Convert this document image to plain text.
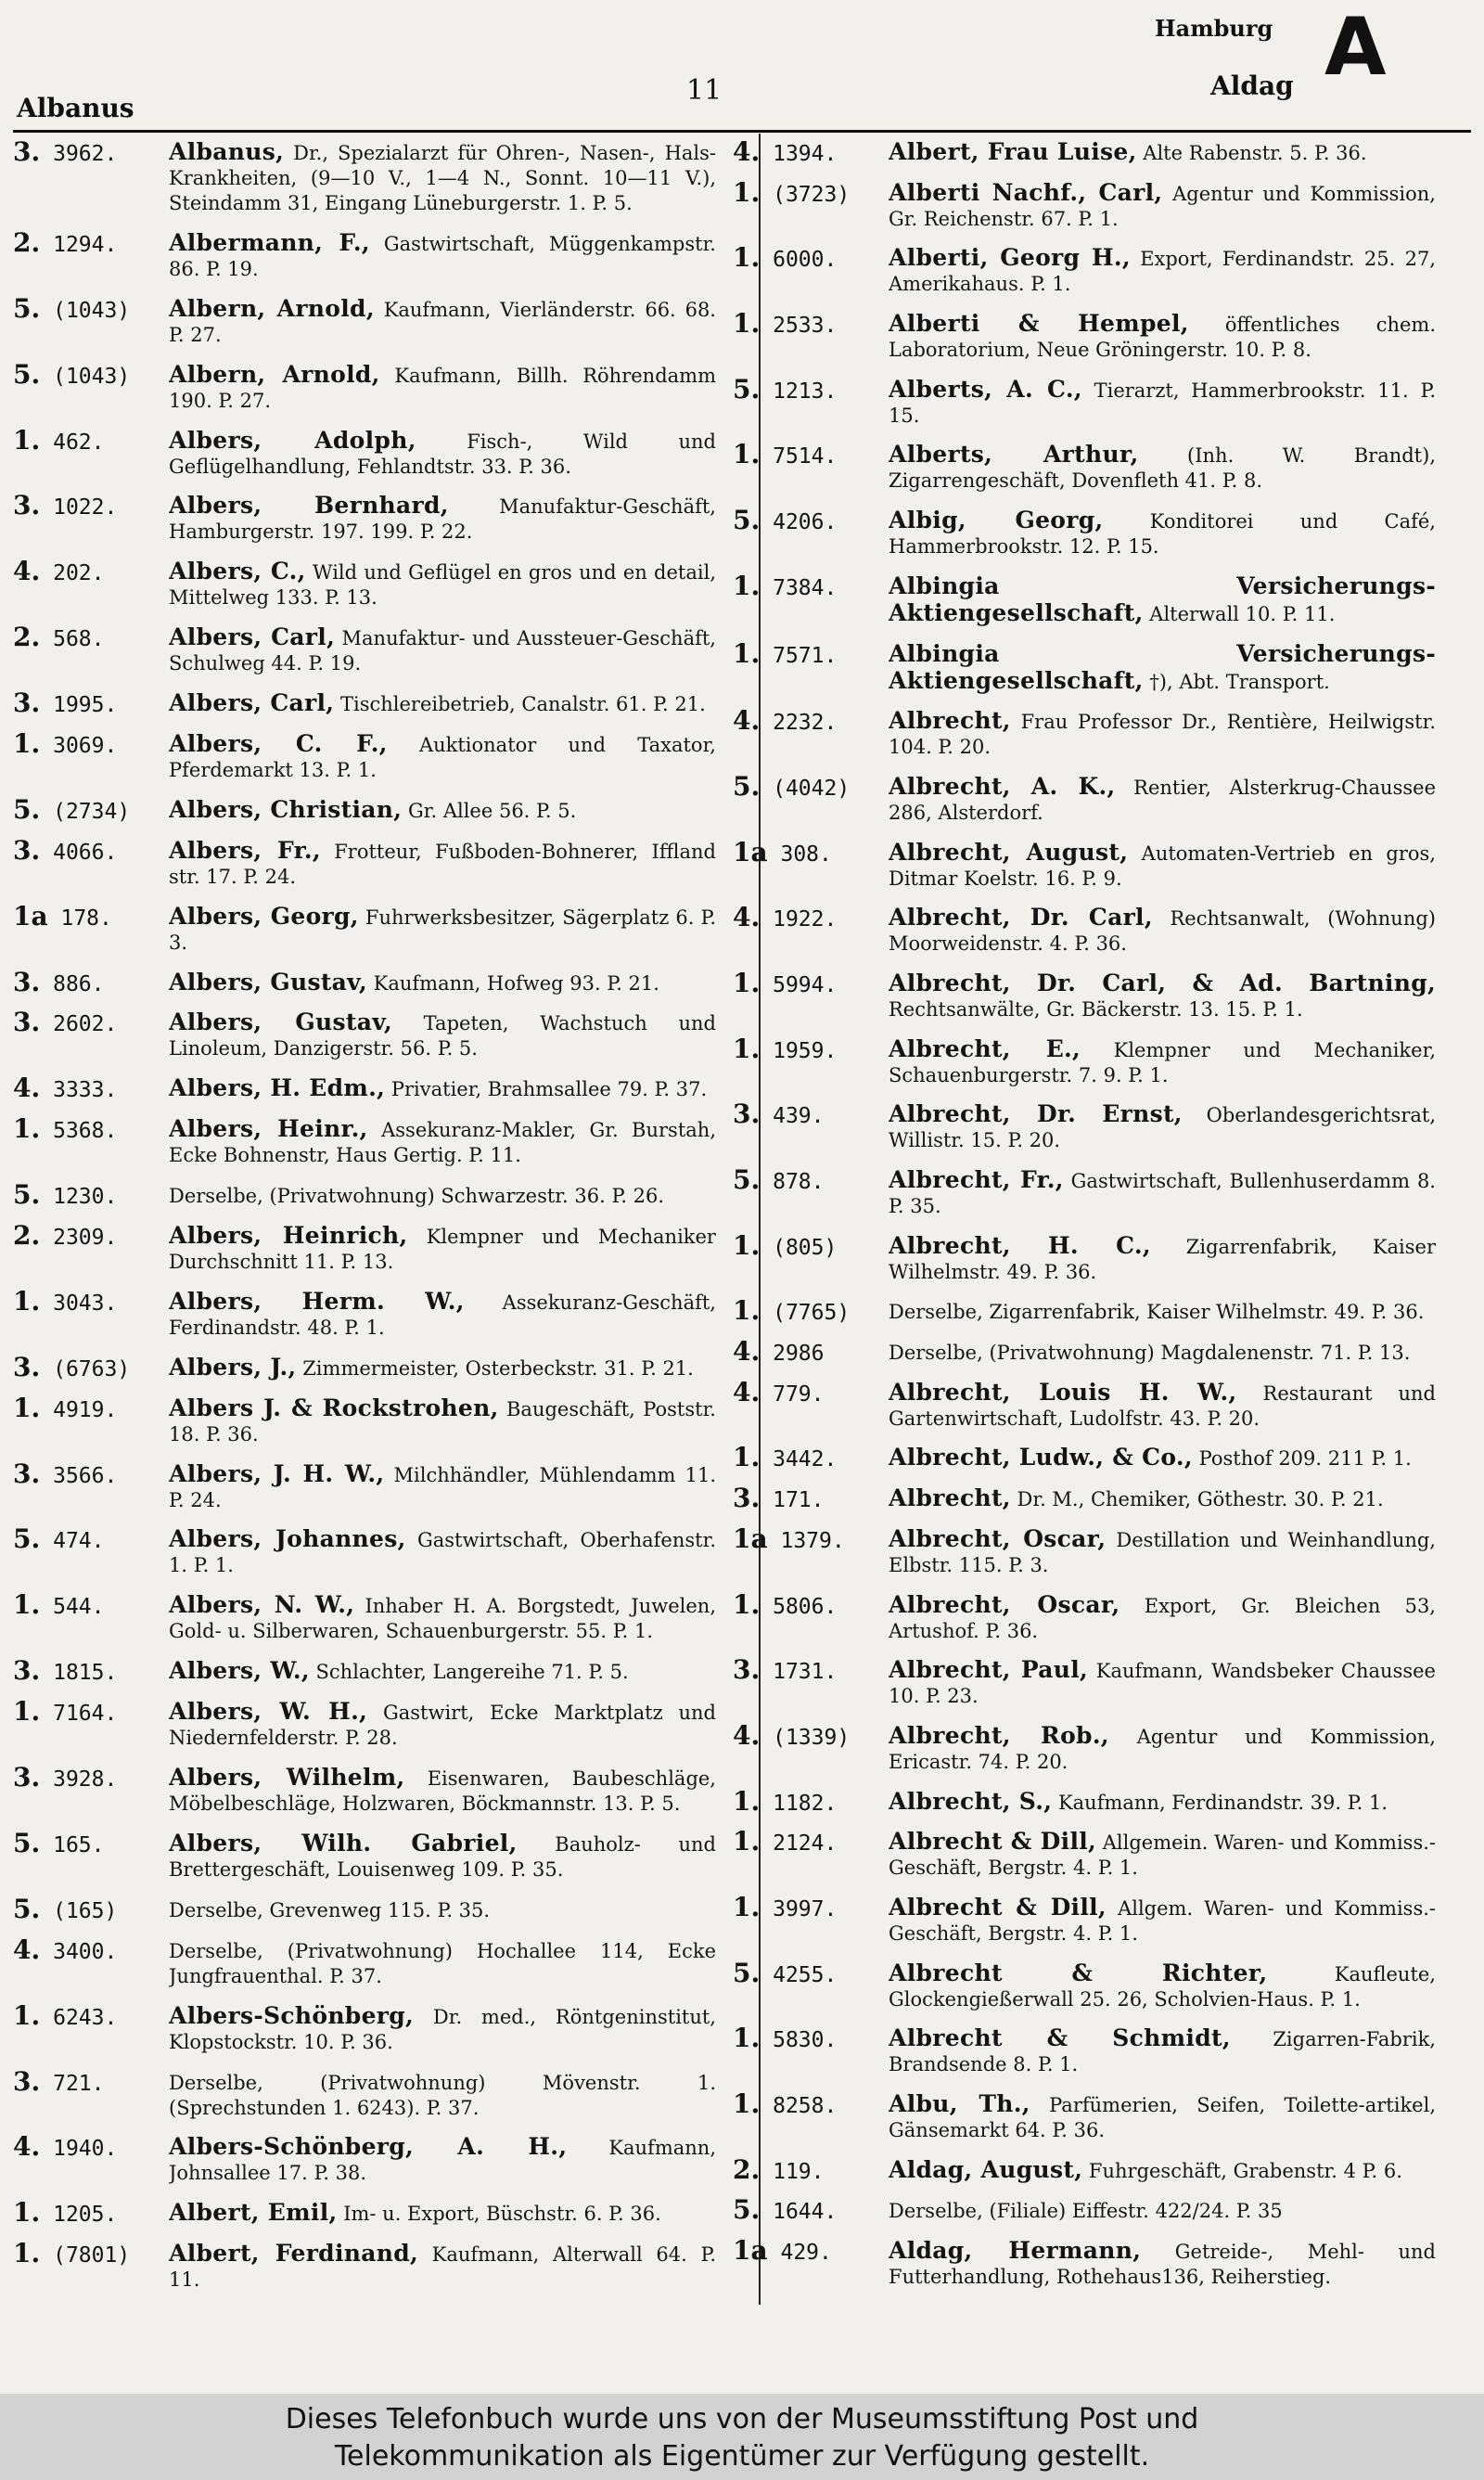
Albanus
11
Hamburg
Aldag A
3. 3962.	Albanus, Dr., Spezialarzt für Ohren-, Nasen-, Hals-Krankheiten, (9—10 V., 1—4 N., Sonnt. 10—11 V.), Steindamm 31, Eingang Lüneburgerstr. 1. P. 5.
2. 1294.	Albermann, F., Gastwirtschaft, Müggenkampstr. 86. P. 19.
5. (1043)	Albern, Arnold, Kaufmann, Vierländerstr. 66. 68. P. 27.
5. (1043)	Albern, Arnold, Kaufmann, Billh. Röhrendamm 190. P. 27.
1. 462.	Albers, Adolph,	Fisch-, Wild und Geflügelhandlung, Fehlandtstr. 33. P. 36.
3. 1022.	Albers, Bernhard,	Manufaktur-Geschäft, Hamburgerstr. 197. 199. P. 22.
4. 202.	Albers, C., Wild und Geflügel en gros und en detail, Mittelweg 133. P. 13.
2. 568.	Albers, Carl, Manufaktur- und Aussteuer-Geschäft, Schulweg 44. P. 19.
3. 1995.	Albers, Carl, Tischlereibetrieb, Canalstr. 61. P. 21.
1. 3069.	Albers, C. F., Auktionator und Taxator, Pferdemarkt 13. P. 1.
5. (2734)	Albers, Christian, Gr. Allee 56. P. 5.
3. 4066.	Albers, Fr., Frotteur, Fußboden-Bohnerer, Iffland str. 17. P. 24.
1a 178.	Albers, Georg, Fuhrwerksbesitzer, Sägerplatz 6. P. 3.
3. 886.	Albers, Gustav, Kaufmann, Hofweg 93. P. 21.
3. 2602.	Albers, Gustav, Tapeten, Wachstuch und Linoleum, Danzigerstr. 56. P. 5.
4. 3333.	Albers, H. Edm., Privatier, Brahmsallee 79. P. 37.
1. 5368.	Albers, Heinr., Assekuranz-Makler, Gr. Burstah, Ecke Bohnenstr, Haus Gertig. P. 11.
5. 1230.	Derselbe, (Privatwohnung) Schwarzestr. 36. P. 26.
2. 2309.	Albers, Heinrich, Klempner und Mechaniker Durchschnitt 11. P. 13.
1. 3043.	Albers, Herm. W., Assekuranz-Geschäft, Ferdinandstr. 48. P. 1.
3. (6763)	Albers, J., Zimmermeister, Osterbeckstr. 31. P. 21.
1. 4919.	Albers J. & Rockstrohen, Baugeschäft, Poststr. 18. P. 36.
3. 3566.	Albers, J. H. W., Milchhändler, Mühlendamm 11. P. 24.
5. 474.	Albers, Johannes, Gastwirtschaft, Oberhafenstr. 1. P. 1.
1. 544.	Albers, N. W., Inhaber H. A. Borgstedt, Juwelen, Gold- u. Silberwaren, Schauenburgerstr. 55. P. 1.
3. 1815.	Albers, W., Schlachter, Langereihe 71. P. 5.
1. 7164.	Albers, W. H., Gastwirt, Ecke Marktplatz und Niedernfelderstr. P. 28.
3. 3928.	Albers, Wilhelm, Eisenwaren, Baubeschläge, Möbelbeschläge, Holzwaren, Böckmannstr. 13. P. 5.
5. 165.	Albers, Wilh. Gabriel, Bauholz- und Brettergeschäft, Louisenweg 109. P. 35.
5. (165)	Derselbe, Grevenweg 115. P. 35.
4. 3400.	Derselbe, (Privatwohnung) Hochallee 114, Ecke Jungfrauenthal. P. 37.
1. 6243.	Albers-Schönberg, Dr. med., Röntgeninstitut, Klopstockstr. 10. P. 36.
3. 721.	Derselbe, (Privatwohnung) Mövenstr. 1. (Sprechstunden 1. 6243). P. 37.
4. 1940.	Albers-Schönberg, A. H., Kaufmann, Johnsallee 17. P. 38.
1. 1205.	Albert, Emil, Im- u. Export, Büschstr. 6. P. 36.
1. (7801)	Albert, Ferdinand, Kaufmann, Alterwall 64. P. 11.
4. 1394.	Albert, Frau Luise, Alte Rabenstr. 5. P. 36.
1. (3723)	Alberti Nachf., Carl, Agentur und Kommission, Gr. Reichenstr. 67. P. 1.
1. 6000.	Alberti, Georg H., Export, Ferdinandstr. 25. 27, Amerikahaus. P. 1.
1. 2533.	Alberti & Hempel, öffentliches chem. Laboratorium, Neue Gröningerstr. 10. P. 8.
5. 1213.	Alberts, A. C., Tierarzt, Hammerbrookstr. 11. P. 15.
1. 7514.	Alberts, Arthur, (Inh. W. Brandt), Zigarrengeschäft, Dovenfleth 41. P. 8.
5. 4206.	Albig, Georg, Konditorei und Café, Hammerbrookstr. 12. P. 15.
1. 7384.	Albingia Versicherungs-Aktiengesellschaft, Alterwall 10. P. 11.
1. 7571.	Albingia Versicherungs-Aktiengesellschaft, †), Abt. Transport.
4. 2232.	Albrecht, Frau Professor Dr., Rentière, Heilwigstr. 104. P. 20.
5. (4042)	Albrecht, A. K., Rentier, Alsterkrug-Chaussee 286, Alsterdorf.
1a 308.	Albrecht, August, Automaten-Vertrieb en gros, Ditmar Koelstr. 16. P. 9.
4. 1922.	Albrecht, Dr. Carl, Rechtsanwalt, (Wohnung) Moorweidenstr. 4. P. 36.
1. 5994.	Albrecht, Dr. Carl, & Ad. Bartning, Rechtsanwälte, Gr. Bäckerstr. 13. 15. P. 1.
1. 1959.	Albrecht, E., Klempner und Mechaniker, Schauenburgerstr. 7. 9. P. 1.
3. 439.	Albrecht, Dr. Ernst, Oberlandesgerichtsrat, Willistr. 15. P. 20.
5. 878.	Albrecht, Fr., Gastwirtschaft, Bullenhuserdamm 8. P. 35.
1. (805)	Albrecht, H. C., Zigarrenfabrik, Kaiser Wilhelmstr. 49. P. 36.
1. (7765)	Derselbe, Zigarrenfabrik, Kaiser Wilhelmstr. 49. P. 36.
4. 2986	Derselbe, (Privatwohnung) Magdalenenstr. 71. P. 13.
4. 779.	Albrecht, Louis H. W., Restaurant und Gartenwirtschaft, Ludolfstr. 43. P. 20.
1. 3442.	Albrecht, Ludw., & Co., Posthof 209. 211 P. 1.
3. 171.	Albrecht, Dr. M., Chemiker, Göthestr. 30. P. 21.
1a 1379.	Albrecht, Oscar, Destillation und Weinhandlung, Elbstr. 115. P. 3.
1. 5806.	Albrecht, Oscar, Export, Gr. Bleichen 53, Artushof. P. 36.
3. 1731.	Albrecht, Paul, Kaufmann, Wandsbeker Chaussee 10. P. 23.
4. (1339)	Albrecht, Rob., Agentur und Kommission, Ericastr. 74. P. 20.
1. 1182.	Albrecht, S., Kaufmann, Ferdinandstr. 39. P. 1.
1. 2124.	Albrecht & Dill, Allgemein. Waren- und Kommiss.-Geschäft, Bergstr. 4. P. 1.
1. 3997.	Albrecht & Dill, Allgem. Waren- und Kommiss.-Geschäft, Bergstr. 4. P. 1.
5. 4255.	Albrecht & Richter,	Kaufleute, Glockengießerwall 25. 26, Scholvien-Haus. P. 1.
1. 5830.	Albrecht & Schmidt, Zigarren-Fabrik, Brandsende 8. P. 1.
1. 8258.	Albu, Th., Parfümerien, Seifen, Toilette-artikel, Gänsemarkt 64. P. 36.
2. 119.	Aldag, August, Fuhrgeschäft, Grabenstr. 4 P. 6.
5. 1644.	Derselbe, (Filiale) Eiffestr. 422/24. P. 35
1a 429.	Aldag, Hermann, Getreide-, Mehl- und Futterhandlung, Rothehaus136, Reiherstieg.
Dieses Telefonbuch wurde uns von der Museumsstiftung Post und
Telekommunikation als Eigentümer zur Verfügung gestellt.
